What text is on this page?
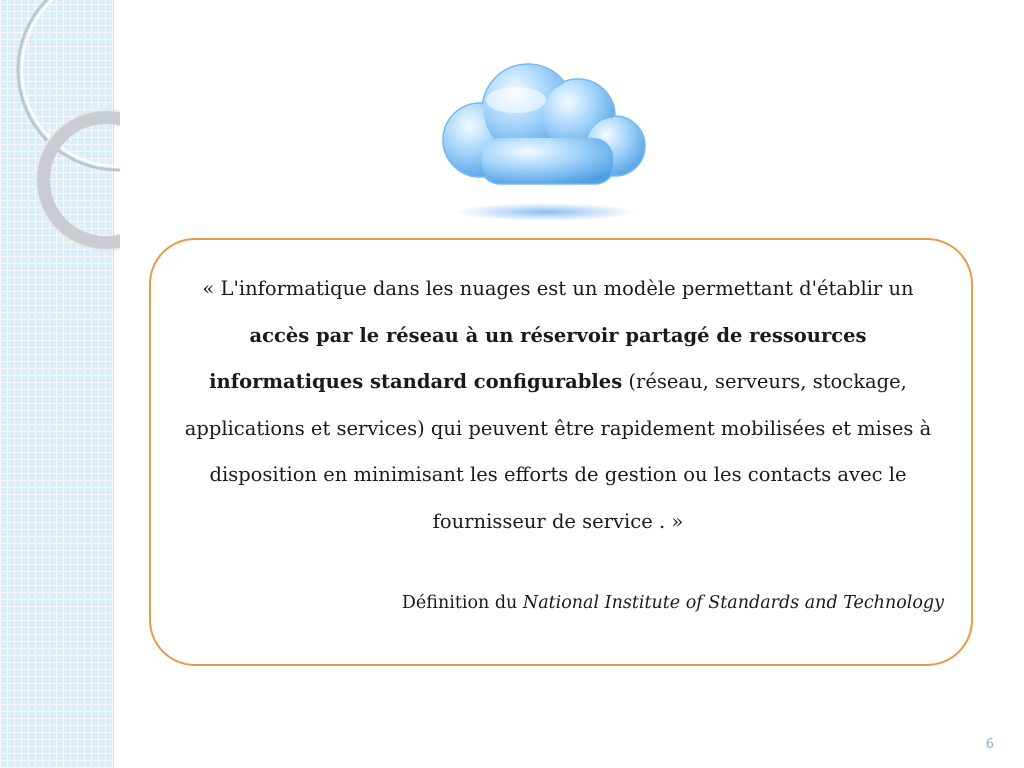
« L'informatique dans les nuages est un modèle permettant d'établir un accès par le réseau à un réservoir partagé de ressources informatiques standard configurables (réseau, serveurs, stockage, applications et services) qui peuvent être rapidement mobilisées et mises à disposition en minimisant les efforts de gestion ou les contacts avec le fournisseur de service . »

Définition du National Institute of Standards and Technology
6
